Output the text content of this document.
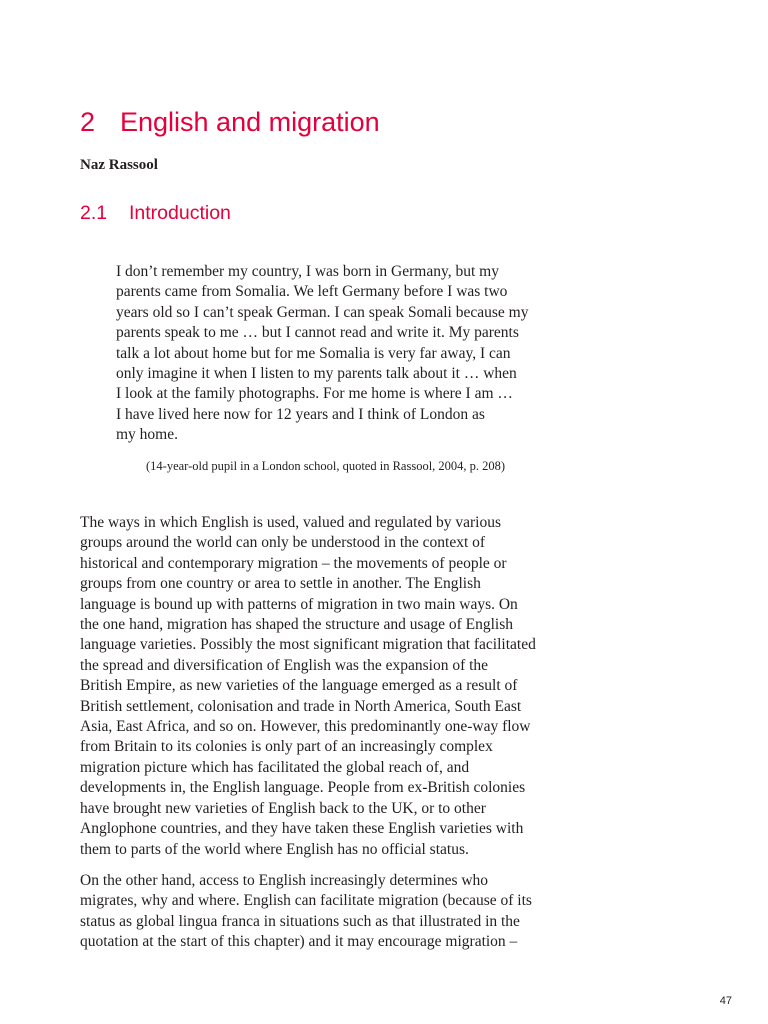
2 English and migration

Naz Rassool

2.1 Introduction
I don’t remember my country, I was born in Germany, but my
parents came from Somalia. We left Germany before I was two
years old so I can’t speak German. I can speak Somali because my
parents speak to me … but I cannot read and write it. My parents
talk a lot about home but for me Somalia is very far away, I can
only imagine it when I listen to my parents talk about it … when
I look at the family photographs. For me home is where I am …
I have lived here now for 12 years and I think of London as
my home.

(14-year-old pupil in a London school, quoted in Rassool, 2004, p. 208)

The ways in which English is used, valued and regulated by various
groups around the world can only be understood in the context of
historical and contemporary migration – the movements of people or
groups from one country or area to settle in another. The English
language is bound up with patterns of migration in two main ways. On
the one hand, migration has shaped the structure and usage of English
language varieties. Possibly the most significant migration that facilitated
the spread and diversification of English was the expansion of the
British Empire, as new varieties of the language emerged as a result of
British settlement, colonisation and trade in North America, South East
Asia, East Africa, and so on. However, this predominantly one-way flow
from Britain to its colonies is only part of an increasingly complex
migration picture which has facilitated the global reach of, and
developments in, the English language. People from ex-British colonies
have brought new varieties of English back to the UK, or to other
Anglophone countries, and they have taken these English varieties with
them to parts of the world where English has no official status.

On the other hand, access to English increasingly determines who
migrates, why and where. English can facilitate migration (because of its
status as global lingua franca in situations such as that illustrated in the
quotation at the start of this chapter) and it may encourage migration –

47
